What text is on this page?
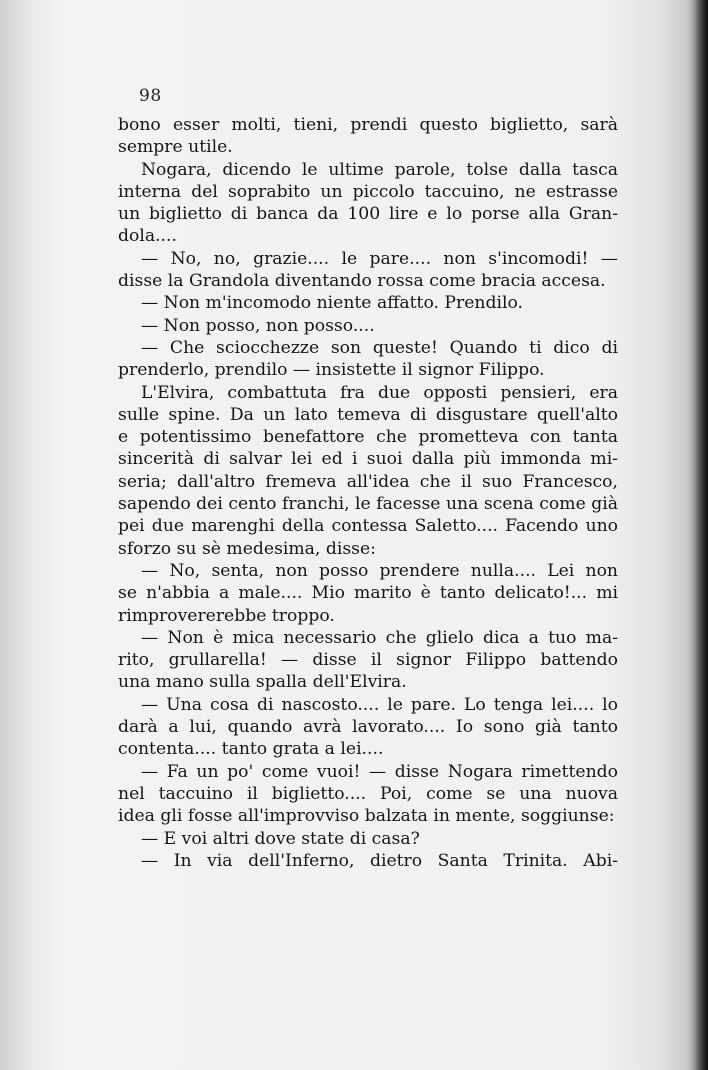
98
bono esser molti, tieni, prendi questo biglietto, sarà
sempre utile.
Nogara, dicendo le ultime parole, tolse dalla tasca
interna del soprabito un piccolo taccuino, ne estrasse
un biglietto di banca da 100 lire e lo porse alla Gran-
dola....
— No, no, grazie.... le pare.... non s'incomodi! —
disse la Grandola diventando rossa come bracia accesa.
— Non m'incomodo niente affatto. Prendilo.
— Non posso, non posso....
— Che sciocchezze son queste! Quando ti dico di
prenderlo, prendilo — insistette il signor Filippo.
L'Elvira, combattuta fra due opposti pensieri, era
sulle spine. Da un lato temeva di disgustare quell'alto
e potentissimo benefattore che prometteva con tanta
sincerità di salvar lei ed i suoi dalla più immonda mi-
seria; dall'altro fremeva all'idea che il suo Francesco,
sapendo dei cento franchi, le facesse una scena come già
pei due marenghi della contessa Saletto.... Facendo uno
sforzo su sè medesima, disse:
— No, senta, non posso prendere nulla.... Lei non
se n'abbia a male.... Mio marito è tanto delicato!... mi
rimprovererebbe troppo.
— Non è mica necessario che glielo dica a tuo ma-
rito, grullarella! — disse il signor Filippo battendo
una mano sulla spalla dell'Elvira.
— Una cosa di nascosto.... le pare. Lo tenga lei.... lo
darà a lui, quando avrà lavorato.... Io sono già tanto
contenta.... tanto grata a lei....
— Fa un po' come vuoi! — disse Nogara rimettendo
nel taccuino il biglietto.... Poi, come se una nuova
idea gli fosse all'improvviso balzata in mente, soggiunse:
— E voi altri dove state di casa?
— In via dell'Inferno, dietro Santa Trinita. Abi-
